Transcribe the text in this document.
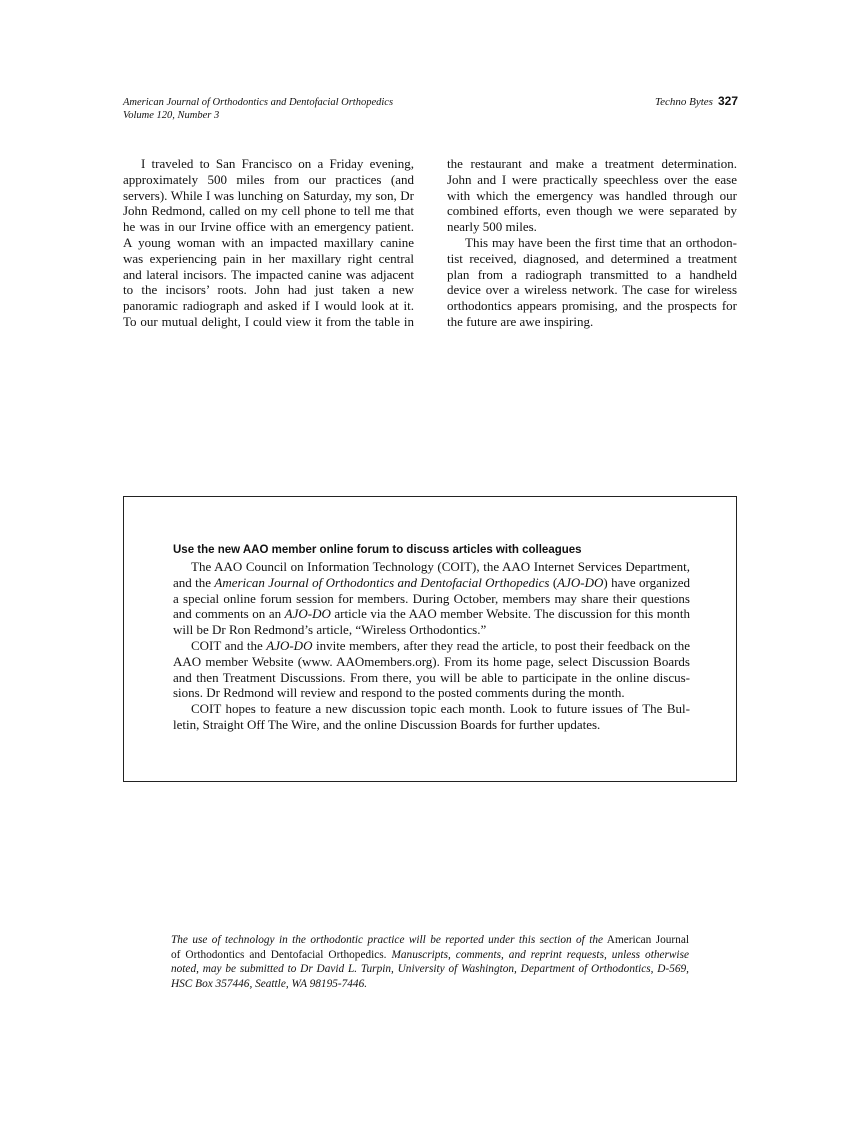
American Journal of Orthodontics and Dentofacial Orthopedics
Volume 120, Number 3
Techno Bytes 327
I traveled to San Francisco on a Friday evening,
approximately 500 miles from our practices (and
servers). While I was lunching on Saturday, my son, Dr
John Redmond, called on my cell phone to tell me that
he was in our Irvine office with an emergency patient.
A young woman with an impacted maxillary canine
was experiencing pain in her maxillary right central
and lateral incisors. The impacted canine was adjacent
to the incisors’ roots. John had just taken a new
panoramic radiograph and asked if I would look at it.
To our mutual delight, I could view it from the table in
the restaurant and make a treatment determination.
John and I were practically speechless over the ease
with which the emergency was handled through our
combined efforts, even though we were separated by
nearly 500 miles.
This may have been the first time that an orthodon-
tist received, diagnosed, and determined a treatment
plan from a radiograph transmitted to a handheld
device over a wireless network. The case for wireless
orthodontics appears promising, and the prospects for
the future are awe inspiring.
Use the new AAO member online forum to discuss articles with colleagues
The AAO Council on Information Technology (COIT), the AAO Internet Services Department,
and the American Journal of Orthodontics and Dentofacial Orthopedics (AJO-DO) have organized
a special online forum session for members. During October, members may share their questions
and comments on an AJO-DO article via the AAO member Website. The discussion for this month
will be Dr Ron Redmond’s article, “Wireless Orthodontics.”
COIT and the AJO-DO invite members, after they read the article, to post their feedback on the
AAO member Website (www. AAOmembers.org). From its home page, select Discussion Boards
and then Treatment Discussions. From there, you will be able to participate in the online discus-
sions. Dr Redmond will review and respond to the posted comments during the month.
COIT hopes to feature a new discussion topic each month. Look to future issues of The Bul-
letin, Straight Off The Wire, and the online Discussion Boards for further updates.
The use of technology in the orthodontic practice will be reported under this section of the American Journal
of Orthodontics and Dentofacial Orthopedics. Manuscripts, comments, and reprint requests, unless otherwise
noted, may be submitted to Dr David L. Turpin, University of Washington, Department of Orthodontics, D-569,
HSC Box 357446, Seattle, WA 98195-7446.
